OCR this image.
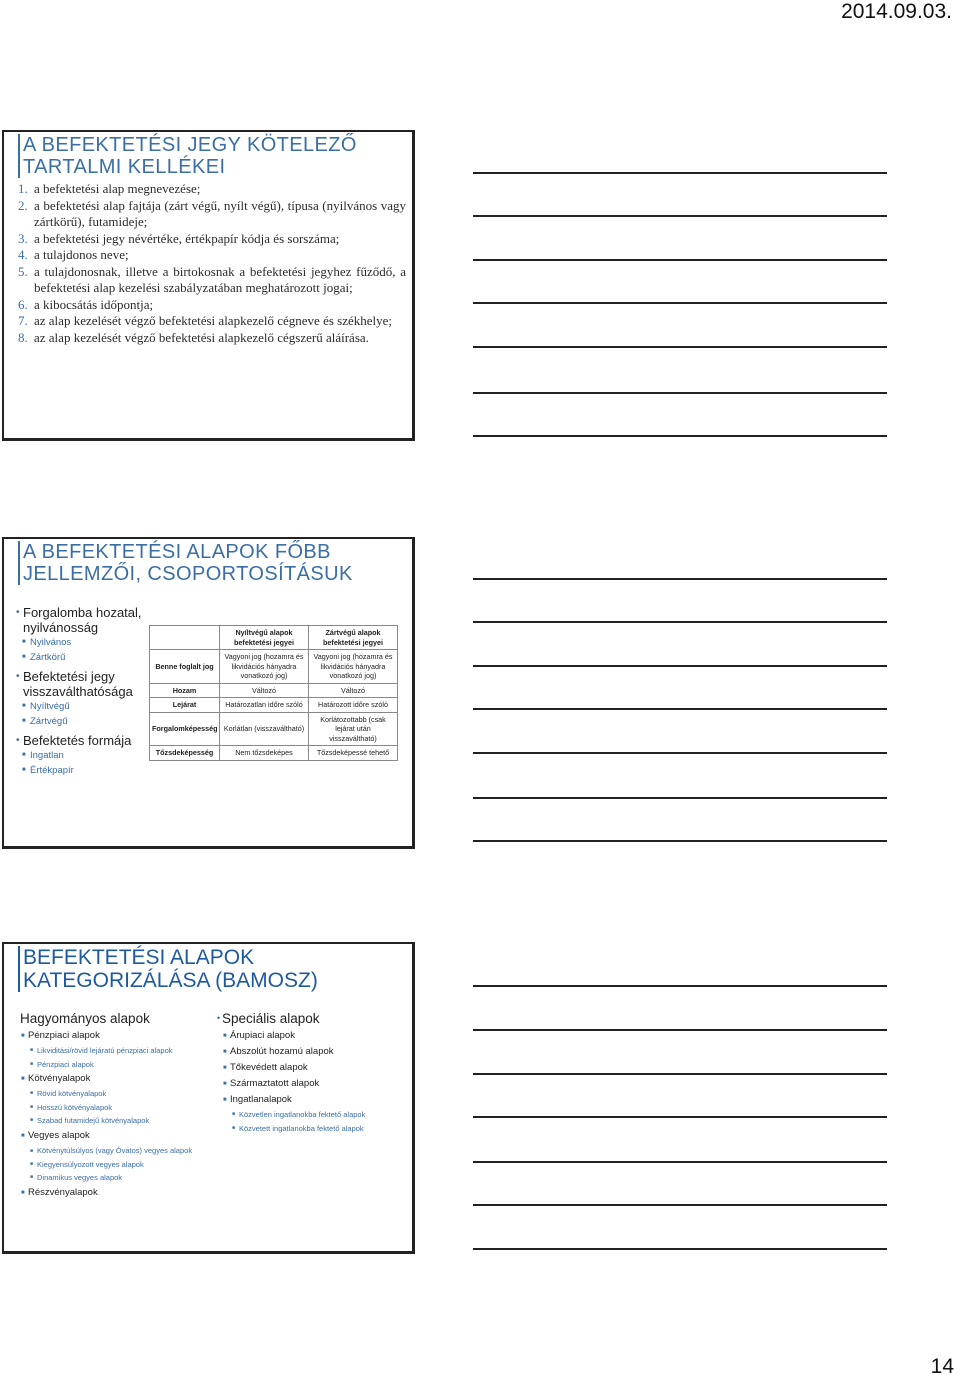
2014.09.03.
A BEFEKTETÉSI JEGY KÖTELEZŐ TARTALMI KELLÉKEI
1. a befektetési alap megnevezése;
2. a befektetési alap fajtája (zárt végű, nyílt végű), típusa (nyilvános vagy zártkörű), futamideje;
3. a befektetési jegy névértéke, értékpapír kódja és sorszáma;
4. a tulajdonos neve;
5. a tulajdonosnak, illetve a birtokosnak a befektetési jegyhez fűződő, a befektetési alap kezelési szabályzatában meghatározott jogai;
6. a kibocsátás időpontja;
7. az alap kezelését végző befektetési alapkezelő cégneve és székhelye;
8. az alap kezelését végző befektetési alapkezelő cégszerű aláírása.
A BEFEKTETÉSI ALAPOK FŐBB JELLEMZŐI, CSOPORTOSÍTÁSUK
• Forgalomba hozatal, nyilvánosság
■ Nyilvános
■ Zártkörű
• Befektetési jegy visszaválthatósága
■ Nyíltvégű
■ Zártvégű
• Befektetés formája
■ Ingatlan
■ Értékpapír
	Nyíltvégű alapok befektetési jegyei	Zártvégű alapok befektetési jegyei
Benne foglalt jog	Vagyoni jog (hozamra és likvidációs hányadra vonatkozó jog)	Vagyoni jog (hozamra és likvidációs hányadra vonatkozó jog)
Hozam	Változó	Változó
Lejárat	Határozatlan időre szóló	Határozott időre szóló
Forgalomképesség	Korlátlan (visszaváltható)	Korlátozottabb (csak lejárat után visszaváltható)
Tőzsdeképesség	Nem tőzsdeképes	Tőzsdeképessé tehető
BEFEKTETÉSI ALAPOK KATEGORIZÁLÁSA (BAMOSZ)
Hagyományos alapok
■ Pénzpiaci alapok
■ Likviditási/rövid lejáratú pénzpiaci alapok
■ Pénzpiaci alapok
■ Kötvényalapok
■ Rövid kötvényalapok
■ Hosszú kötvényalapok
■ Szabad futamidejű kötvényalapok
■ Vegyes alapok
■ Kötvénytúlsúlyos (vagy Óvatos) vegyes alapok
■ Kiegyensúlyozott vegyes alapok
■ Dinamikus vegyes alapok
■ Részvényalapok
• Speciális alapok
■ Árupiaci alapok
■ Abszolút hozamú alapok
■ Tőkevédett alapok
■ Származtatott alapok
■ Ingatlanalapok
■ Közvetlen ingatlanokba fektető alapok
■ Közvetett ingatlanokba fektető alapok
14
